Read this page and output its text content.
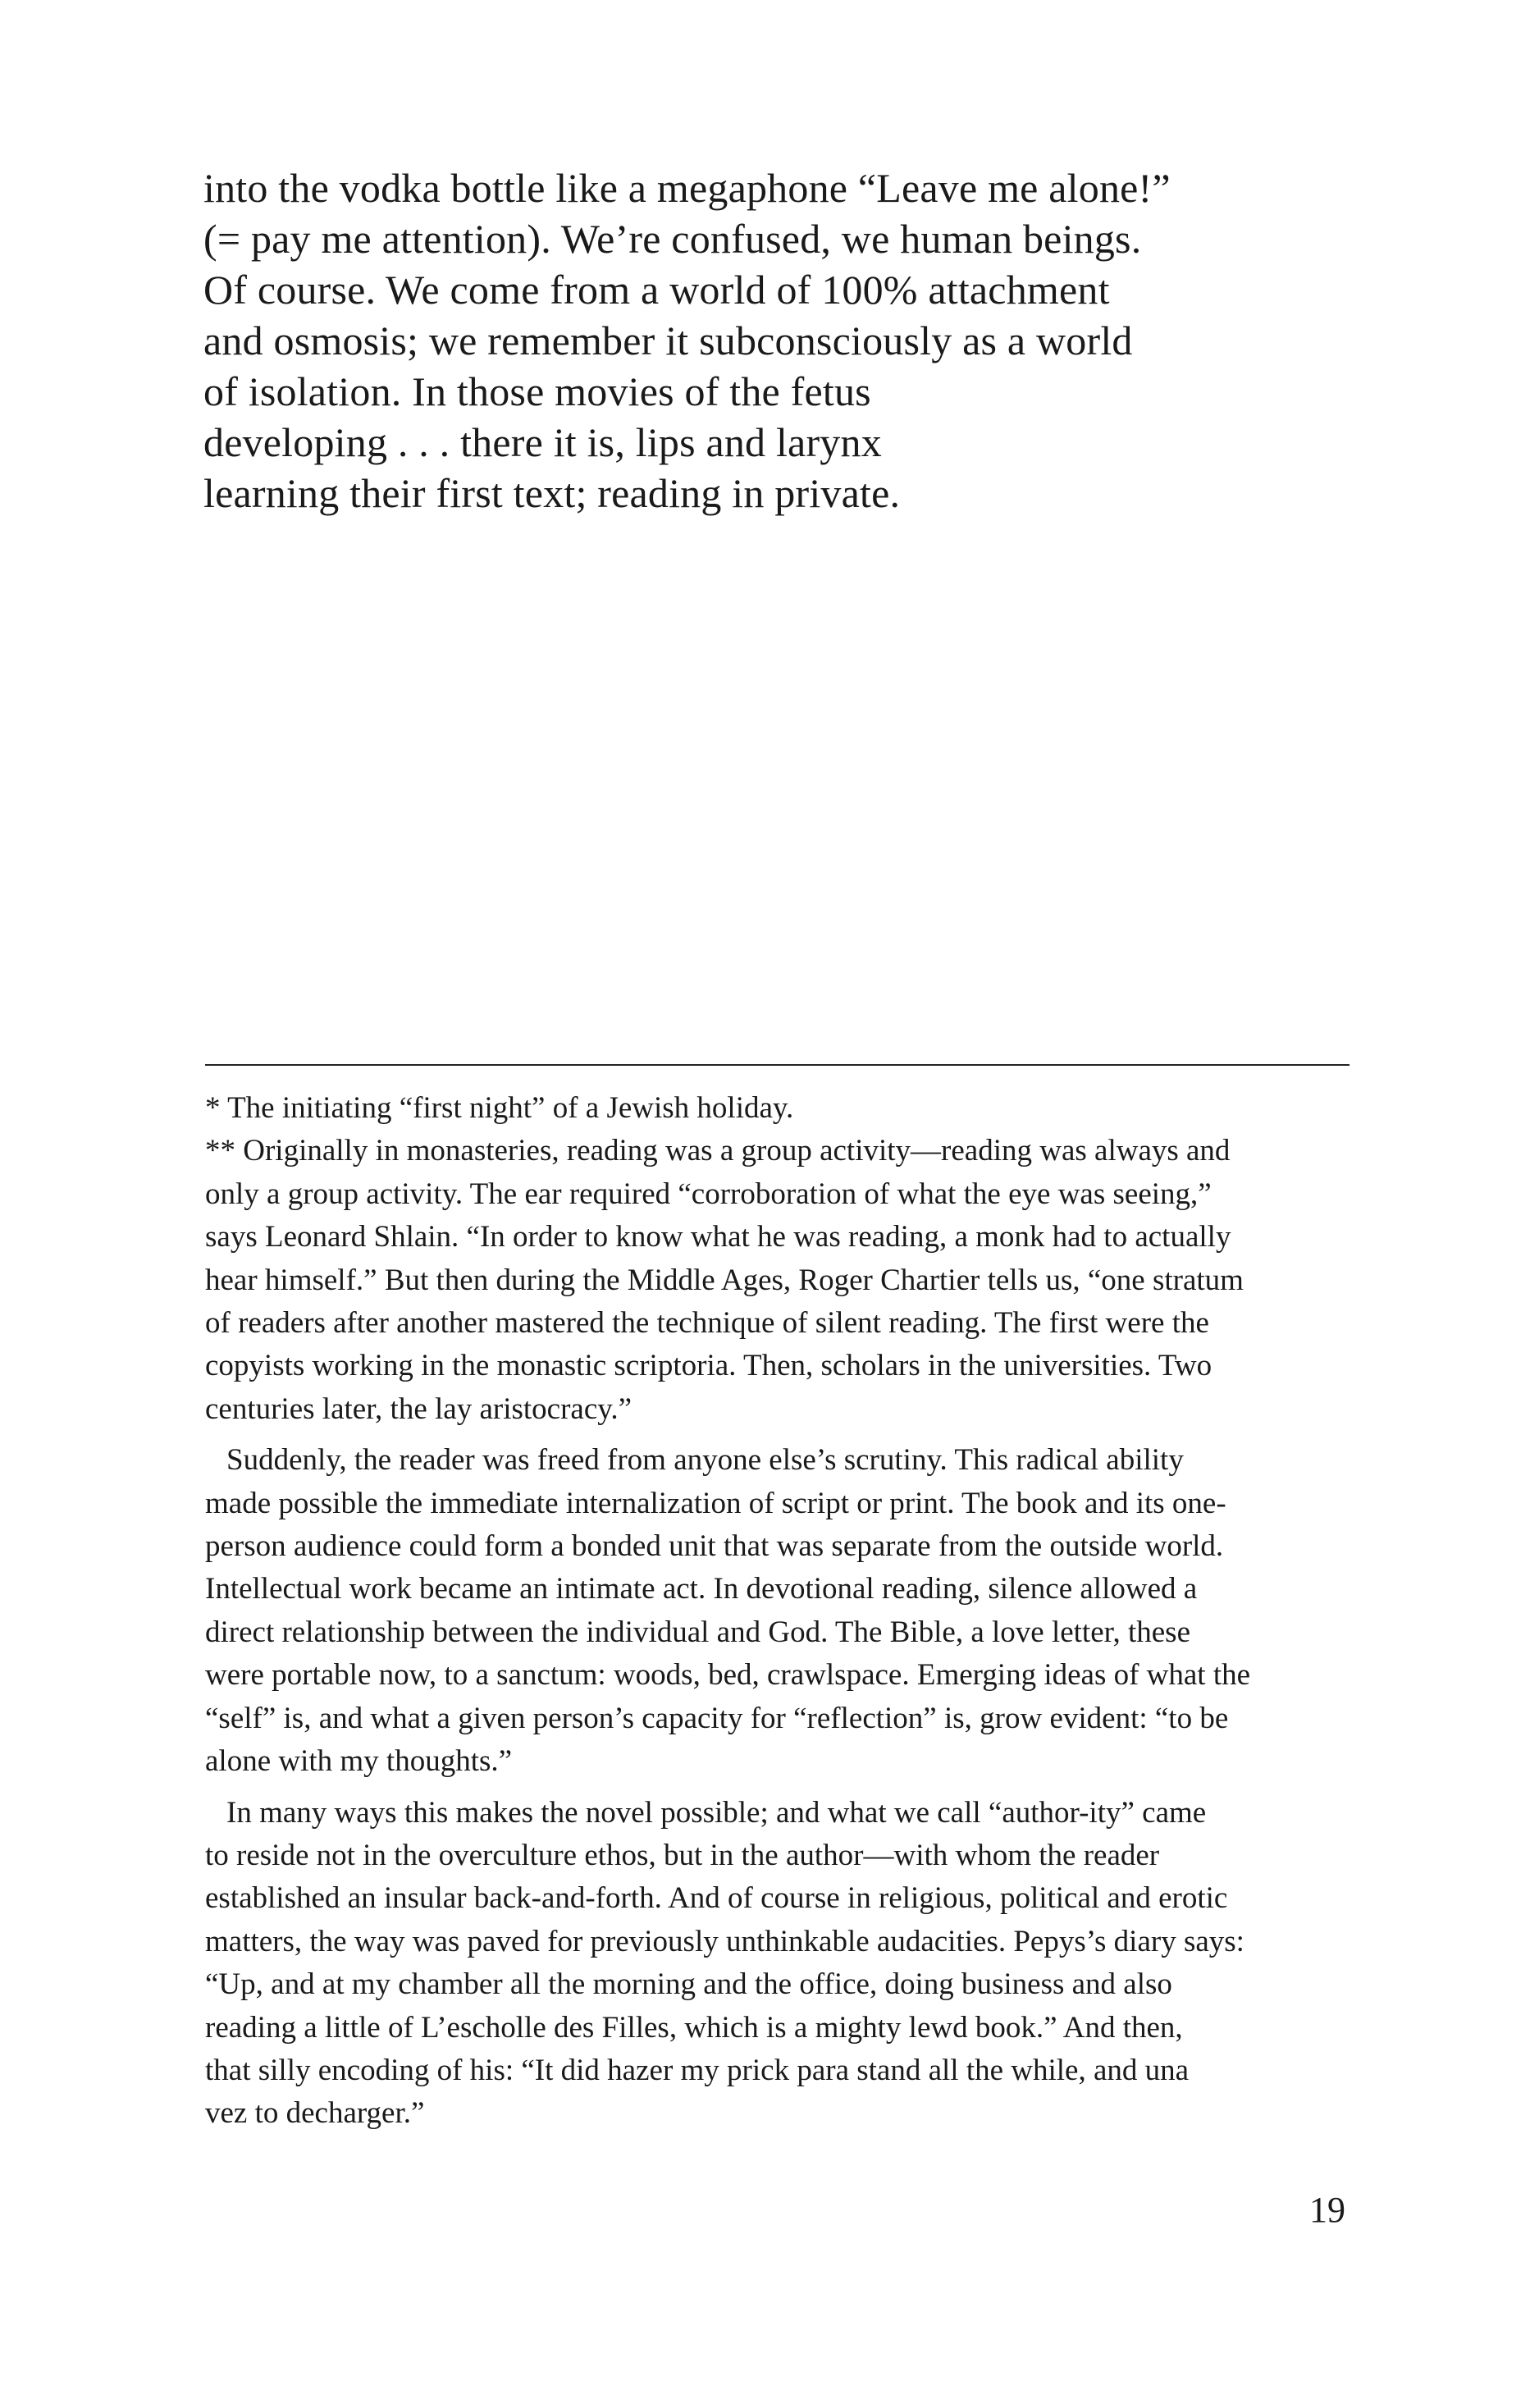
into the vodka bottle like a megaphone “Leave me alone!”
(= pay me attention). We’re confused, we human beings.
Of course. We come from a world of 100% attachment
and osmosis; we remember it subconsciously as a world
of isolation. In those movies of the fetus
developing . . . there it is, lips and larynx
learning their first text; reading in private.
* The initiating “first night” of a Jewish holiday.
** Originally in monasteries, reading was a group activity—reading was always and
only a group activity. The ear required “corroboration of what the eye was seeing,”
says Leonard Shlain. “In order to know what he was reading, a monk had to actually
hear himself.” But then during the Middle Ages, Roger Chartier tells us, “one stratum
of readers after another mastered the technique of silent reading. The first were the
copyists working in the monastic scriptoria. Then, scholars in the universities. Two
centuries later, the lay aristocracy.”
Suddenly, the reader was freed from anyone else’s scrutiny. This radical ability
made possible the immediate internalization of script or print. The book and its one-
person audience could form a bonded unit that was separate from the outside world.
Intellectual work became an intimate act. In devotional reading, silence allowed a
direct relationship between the individual and God. The Bible, a love letter, these
were portable now, to a sanctum: woods, bed, crawlspace. Emerging ideas of what the
“self” is, and what a given person’s capacity for “reflection” is, grow evident: “to be
alone with my thoughts.”
In many ways this makes the novel possible; and what we call “author-ity” came
to reside not in the overculture ethos, but in the author—with whom the reader
established an insular back-and-forth. And of course in religious, political and erotic
matters, the way was paved for previously unthinkable audacities. Pepys’s diary says:
“Up, and at my chamber all the morning and the office, doing business and also
reading a little of L’escholle des Filles, which is a mighty lewd book.” And then,
that silly encoding of his: “It did hazer my prick para stand all the while, and una
vez to decharger.”
19
